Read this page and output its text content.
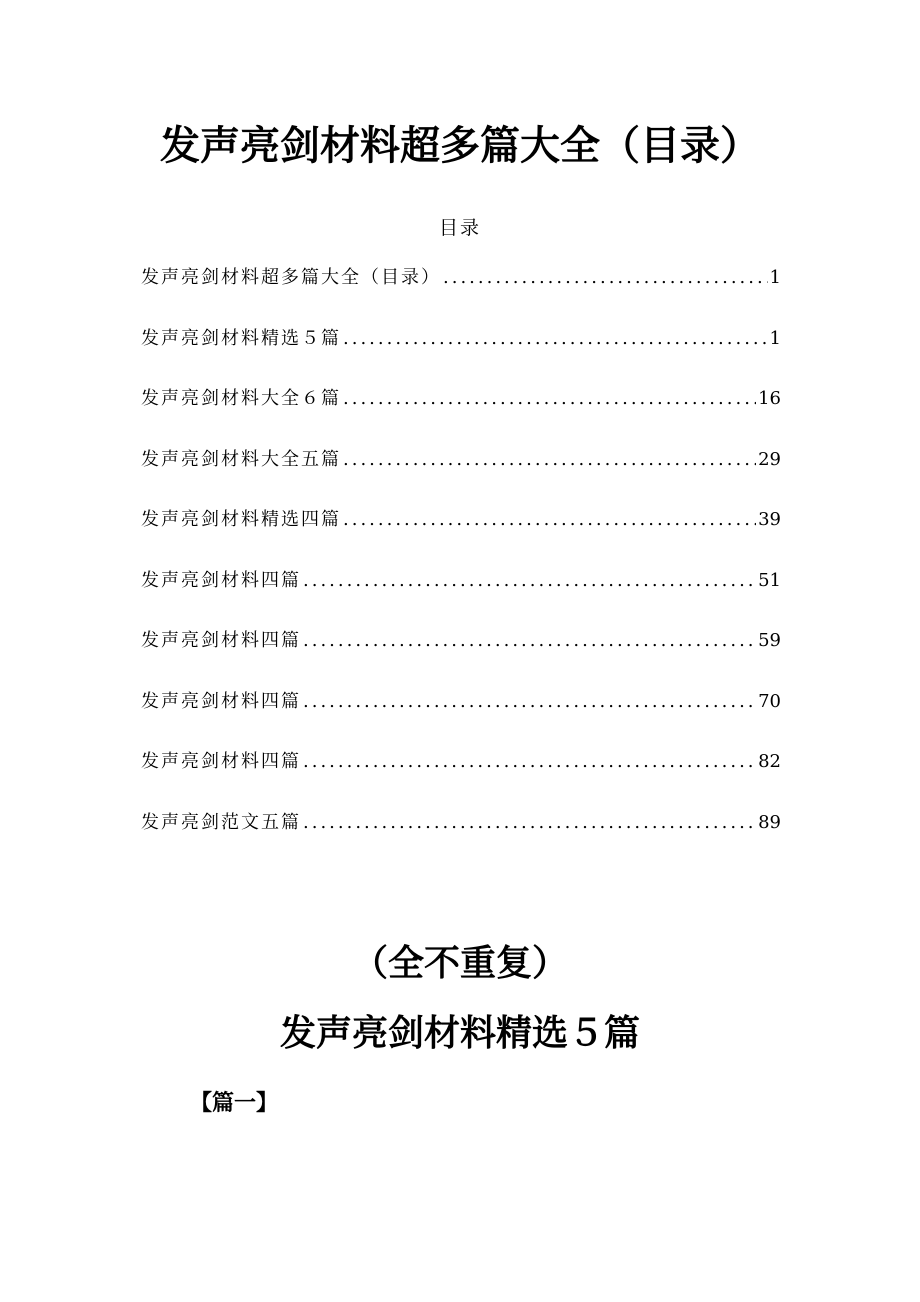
发声亮剑材料超多篇大全（目录）
目录
发声亮剑材料超多篇大全（目录） .....	1
发声亮剑材料精选５篇 .....	1
发声亮剑材料大全６篇 .....	16
发声亮剑材料大全五篇 .....	29
发声亮剑材料精选四篇 .....	39
发声亮剑材料四篇 .....	51
发声亮剑材料四篇 .....	59
发声亮剑材料四篇 .....	70
发声亮剑材料四篇 .....	82
发声亮剑范文五篇 .....	89
（全不重复）
发声亮剑材料精选５篇
【篇一】
